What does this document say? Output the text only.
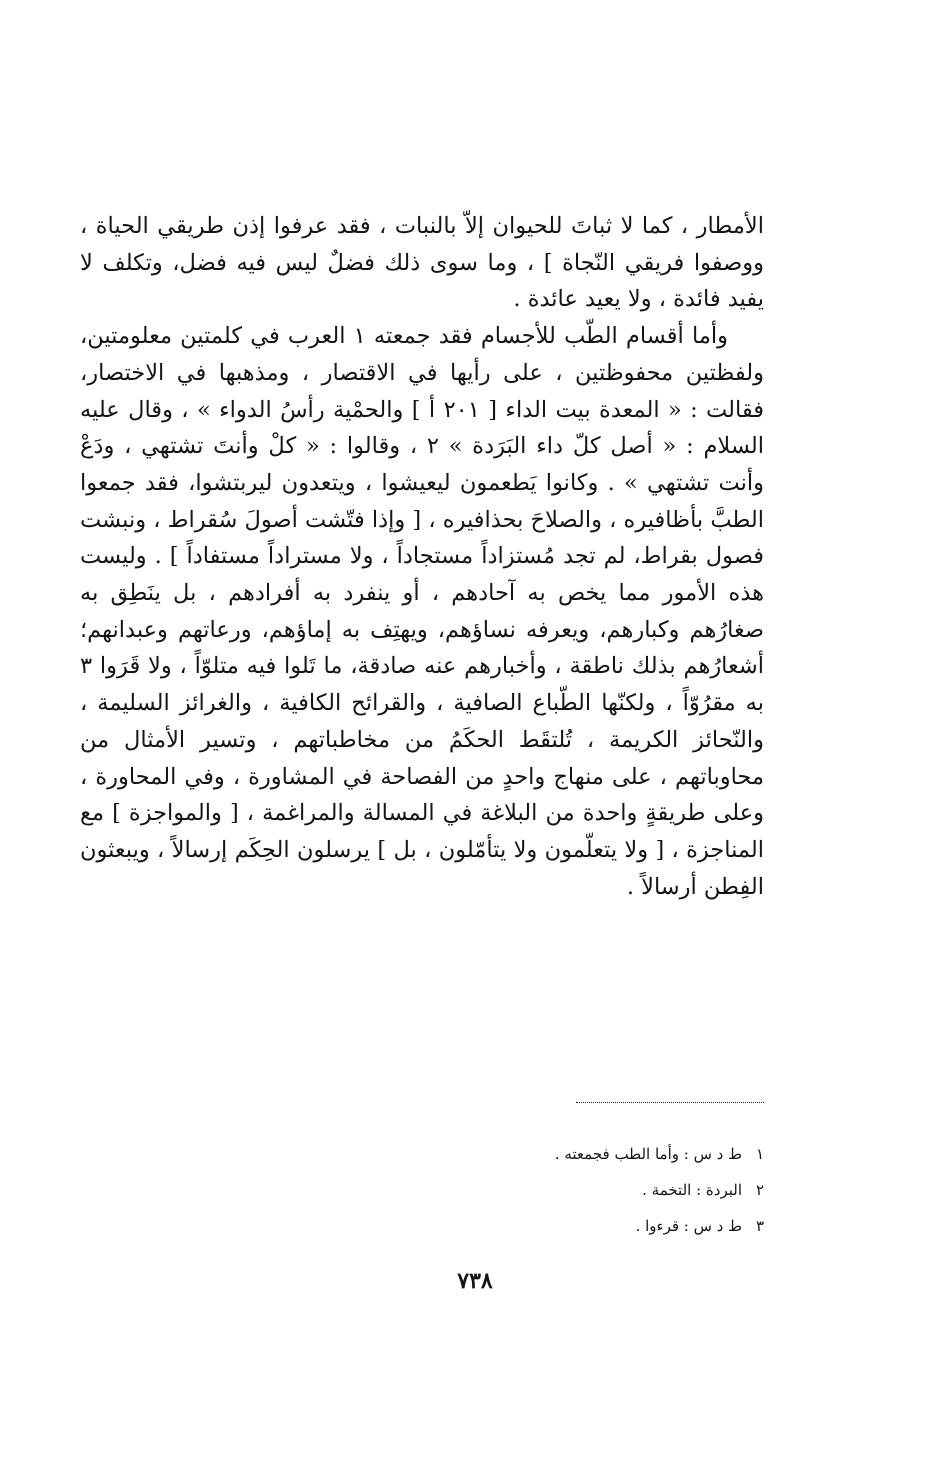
الأمطار ، كما لا ثباتَ للحيوان إلاّ بالنبات ، فقد عرفوا إذن طريقي الحياة ، ووصفوا فريقي النّجاة ] ، وما سوى ذلك فضلٌ ليس فيه فضل، وتكلف لا يفيد فائدة ، ولا يعيد عائدة .

وأما أقسام الطّب للأجسام فقد جمعته ١ العرب في كلمتين معلومتين، ولفظتين محفوظتين ، على رأيها في الاقتصار ، ومذهبها في الاختصار، فقالت : « المعدة بيت الداء [ ٢٠١ أ ] والحمْية رأسُ الدواء » ، وقال عليه السلام : « أصل كلّ داء البَرَدة » ٢ ، وقالوا : « كلْ وأنتَ تشتهي ، ودَعْ وأنت تشتهي » . وكانوا يَطعمون ليعيشوا ، ويتعدون ليربتشوا، فقد جمعوا الطبَّ بأظافيره ، والصلاحَ بحذافيره ، [ وإذا فتّشت أصولَ سُقراط ، ونبشت فصول بقراط، لم تجد مُستزاداً مستجاداً ، ولا مستراداً مستفاداً ] . وليست هذه الأمور مما يخص به آحادهم ، أو ينفرد به أفرادهم ، بل ينَطِق به صغارُهم وكبارهم، ويعرفه نساؤهم، ويهتِف به إماؤهم، ورعاتهم وعبدانهم؛ أشعارُهم بذلك ناطقة ، وأخبارهم عنه صادقة، ما تَلوا فيه متلوّاً ، ولا قَرَوا ٣ به مقرُوّاً ، ولكنّها الطّباع الصافية ، والقرائح الكافية ، والغرائز السليمة ، والنّحائز الكريمة ، تُلتقَط الحكَمُ من مخاطباتهم ، وتسير الأمثال من محاوباتهم ، على منهاج واحدٍ من الفصاحة في المشاورة ، وفي المحاورة ، وعلى طريقةٍ واحدة من البلاغة في المسالة والمراغمة ، [ والمواجزة ] مع المناجزة ، [ ولا يتعلّمون ولا يتأمّلون ، بل ] يرسلون الحِكَم إرسالاً ، ويبعثون الفِطن أرسالاً .

١ط د س : وأما الطب فجمعته .
٢البردة : التخمة .
٣ط د س : قرءوا .
٧٣٨
